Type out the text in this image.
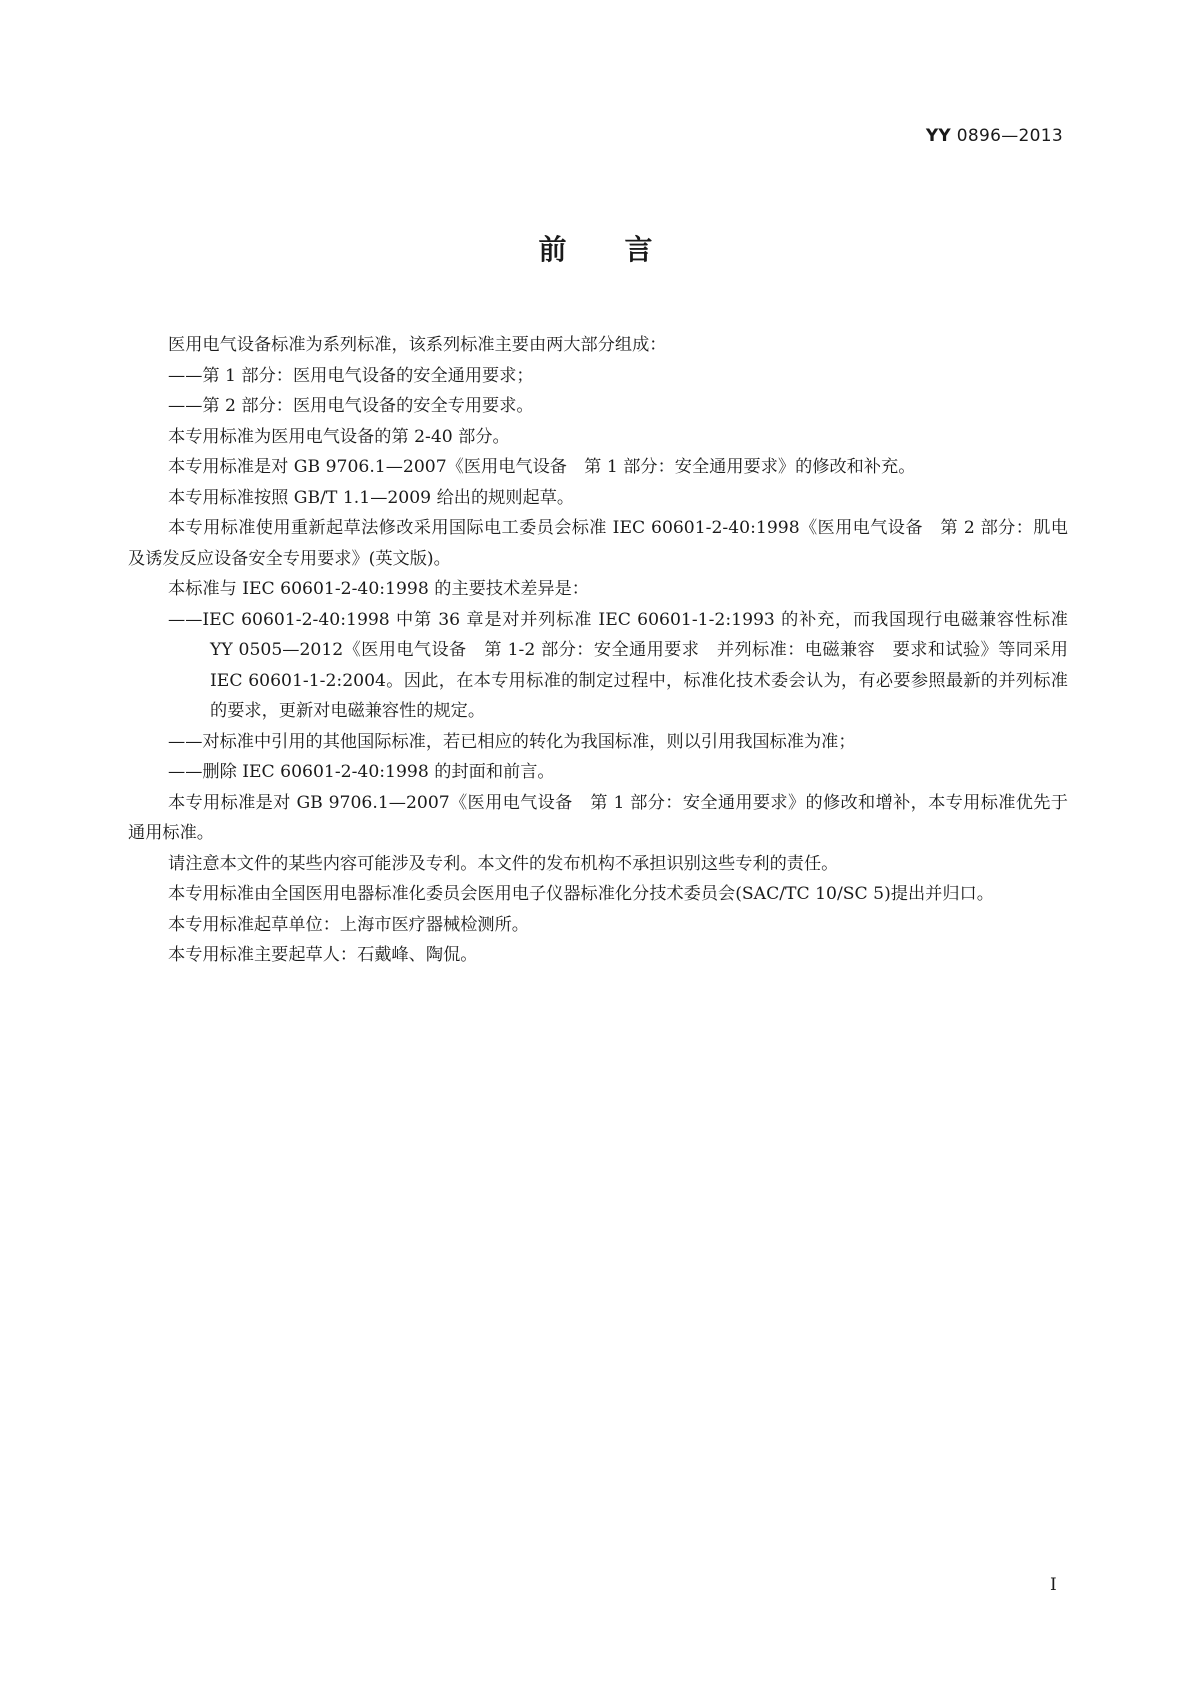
YY 0896—2013
前言

医用电气设备标准为系列标准，该系列标准主要由两大部分组成：

——第 1 部分：医用电气设备的安全通用要求；

——第 2 部分：医用电气设备的安全专用要求。

本专用标准为医用电气设备的第 2-40 部分。

本专用标准是对 GB 9706.1—2007《医用电气设备　第 1 部分：安全通用要求》的修改和补充。

本专用标准按照 GB/T 1.1—2009 给出的规则起草。

本专用标准使用重新起草法修改采用国际电工委员会标准 IEC 60601-2-40:1998《医用电气设备　第 2 部分：肌电及诱发反应设备安全专用要求》(英文版)。

本标准与 IEC 60601-2-40:1998 的主要技术差异是：

——IEC 60601-2-40:1998 中第 36 章是对并列标准 IEC 60601-1-2:1993 的补充，而我国现行电磁兼容性标准 YY 0505—2012《医用电气设备　第 1-2 部分：安全通用要求　并列标准：电磁兼容　要求和试验》等同采用 IEC 60601-1-2:2004。因此，在本专用标准的制定过程中，标准化技术委会认为，有必要参照最新的并列标准的要求，更新对电磁兼容性的规定。

——对标准中引用的其他国际标准，若已相应的转化为我国标准，则以引用我国标准为准；

——删除 IEC 60601-2-40:1998 的封面和前言。

本专用标准是对 GB 9706.1—2007《医用电气设备　第 1 部分：安全通用要求》的修改和增补，本专用标准优先于通用标准。

请注意本文件的某些内容可能涉及专利。本文件的发布机构不承担识别这些专利的责任。

本专用标准由全国医用电器标准化委员会医用电子仪器标准化分技术委员会(SAC/TC 10/SC 5)提出并归口。

本专用标准起草单位：上海市医疗器械检测所。

本专用标准主要起草人：石戴峰、陶侃。

I
